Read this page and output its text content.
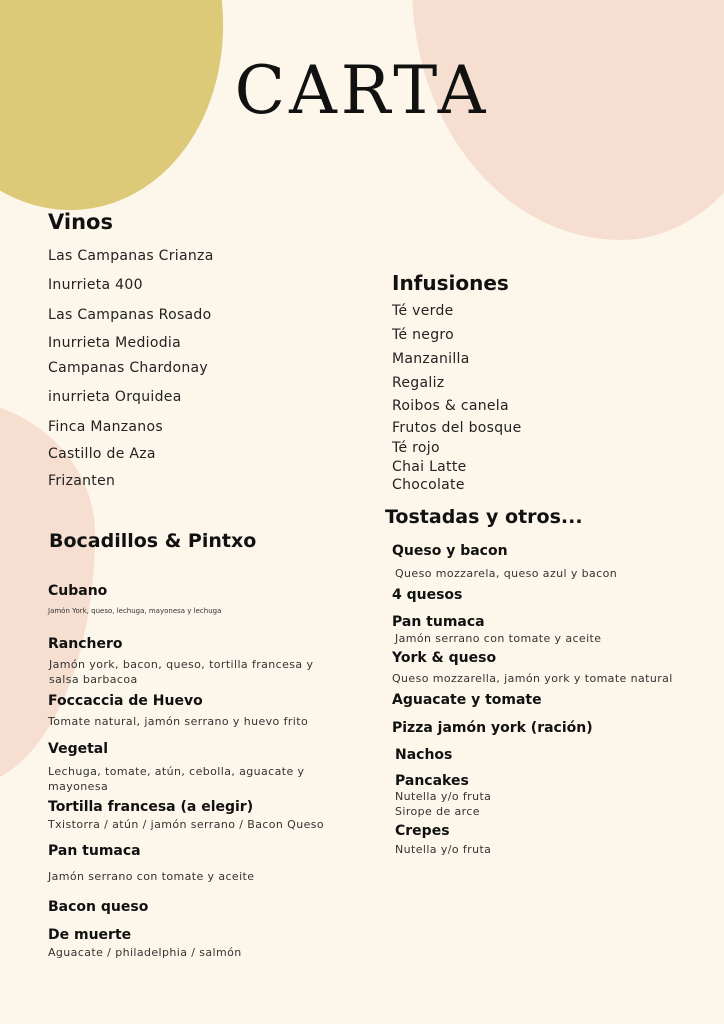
CARTA
Vinos
Las Campanas Crianza
Inurrieta 400
Las Campanas Rosado
Inurrieta Mediodia
Campanas Chardonay
inurrieta Orquidea
Finca Manzanos
Castillo de Aza
Frizanten
Infusiones
Té verde
Té negro
Manzanilla
Regaliz
Roibos & canela
Frutos del bosque
Té rojo
Chai Latte
Chocolate
Bocadillos & Pintxo
Cubano
Jamón York, queso, lechuga, mayonesa y lechuga
Ranchero
Jamón york, bacon, queso, tortilla francesa y salsa barbacoa
Foccaccia de Huevo
Tomate natural, jamón serrano y huevo frito
Vegetal
Lechuga, tomate, atún, cebolla, aguacate y mayonesa
Tortilla francesa (a elegir)
Txistorra / atún / jamón serrano / Bacon Queso
Pan tumaca
Jamón serrano con tomate y aceite
Bacon queso
De muerte
Aguacate / philadelphia / salmón
Tostadas y otros...
Queso y bacon
Queso mozzarela, queso azul y bacon
4 quesos
Pan tumaca
Jamón serrano con tomate y aceite
York & queso
Queso mozzarella, jamón york y tomate natural
Aguacate y tomate
Pizza jamón york (ración)
Nachos
Pancakes
Nutella y/o fruta
Sirope de arce
Crepes
Nutella y/o fruta
